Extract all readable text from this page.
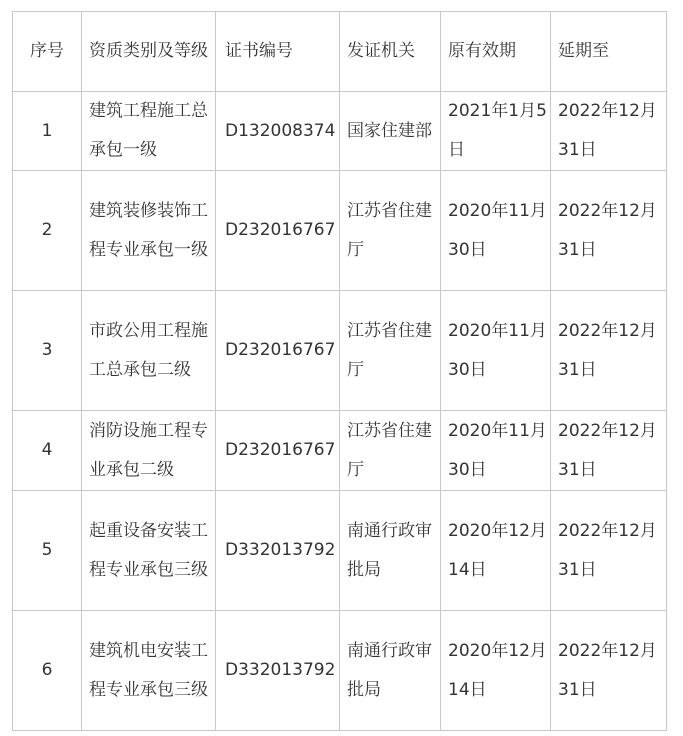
序号	资质类别及等级	证书编号	发证机关	原有效期	延期至
1	建筑工程施工总承包一级	D132008374	国家住建部	2021年1月5日	2022年12月31日
2	建筑装修装饰工程专业承包一级	D232016767	江苏省住建厅	2020年11月30日	2022年12月31日
3	市政公用工程施工总承包二级	D232016767	江苏省住建厅	2020年11月30日	2022年12月31日
4	消防设施工程专业承包二级	D232016767	江苏省住建厅	2020年11月30日	2022年12月31日
5	起重设备安装工程专业承包三级	D332013792	南通行政审批局	2020年12月14日	2022年12月31日
6	建筑机电安装工程专业承包三级	D332013792	南通行政审批局	2020年12月14日	2022年12月31日
